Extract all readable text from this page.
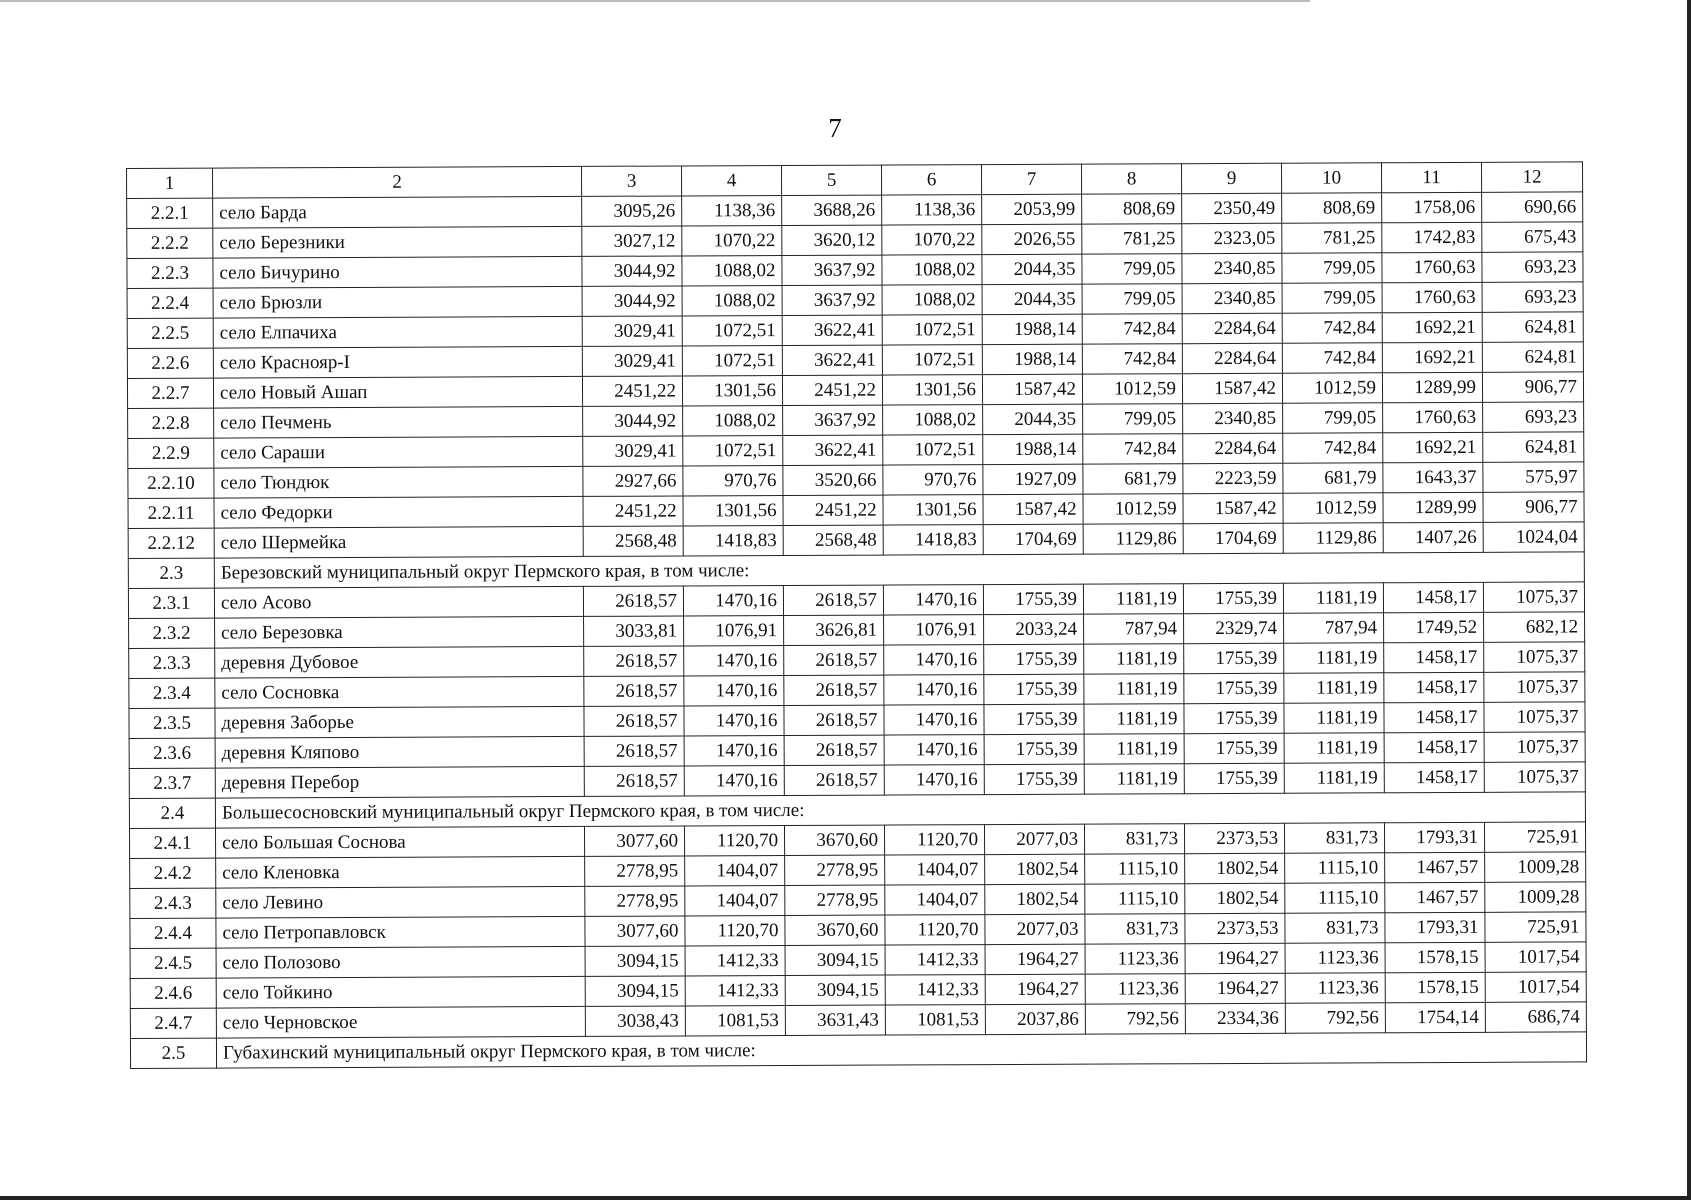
7
1	2	3	4	5	6	7	8	9	10	11	12
2.2.1	село Барда	3095,26	1138,36	3688,26	1138,36	2053,99	808,69	2350,49	808,69	1758,06	690,66
2.2.2	село Березники	3027,12	1070,22	3620,12	1070,22	2026,55	781,25	2323,05	781,25	1742,83	675,43
2.2.3	село Бичурино	3044,92	1088,02	3637,92	1088,02	2044,35	799,05	2340,85	799,05	1760,63	693,23
2.2.4	село Брюзли	3044,92	1088,02	3637,92	1088,02	2044,35	799,05	2340,85	799,05	1760,63	693,23
2.2.5	село Елпачиха	3029,41	1072,51	3622,41	1072,51	1988,14	742,84	2284,64	742,84	1692,21	624,81
2.2.6	село Краснояр-I	3029,41	1072,51	3622,41	1072,51	1988,14	742,84	2284,64	742,84	1692,21	624,81
2.2.7	село Новый Ашап	2451,22	1301,56	2451,22	1301,56	1587,42	1012,59	1587,42	1012,59	1289,99	906,77
2.2.8	село Печмень	3044,92	1088,02	3637,92	1088,02	2044,35	799,05	2340,85	799,05	1760,63	693,23
2.2.9	село Сараши	3029,41	1072,51	3622,41	1072,51	1988,14	742,84	2284,64	742,84	1692,21	624,81
2.2.10	село Тюндюк	2927,66	970,76	3520,66	970,76	1927,09	681,79	2223,59	681,79	1643,37	575,97
2.2.11	село Федорки	2451,22	1301,56	2451,22	1301,56	1587,42	1012,59	1587,42	1012,59	1289,99	906,77
2.2.12	село Шермейка	2568,48	1418,83	2568,48	1418,83	1704,69	1129,86	1704,69	1129,86	1407,26	1024,04
2.3	Березовский муниципальный округ Пермского края, в том числе:										
2.3.1	село Асово	2618,57	1470,16	2618,57	1470,16	1755,39	1181,19	1755,39	1181,19	1458,17	1075,37
2.3.2	село Березовка	3033,81	1076,91	3626,81	1076,91	2033,24	787,94	2329,74	787,94	1749,52	682,12
2.3.3	деревня Дубовое	2618,57	1470,16	2618,57	1470,16	1755,39	1181,19	1755,39	1181,19	1458,17	1075,37
2.3.4	село Сосновка	2618,57	1470,16	2618,57	1470,16	1755,39	1181,19	1755,39	1181,19	1458,17	1075,37
2.3.5	деревня Заборье	2618,57	1470,16	2618,57	1470,16	1755,39	1181,19	1755,39	1181,19	1458,17	1075,37
2.3.6	деревня Кляпово	2618,57	1470,16	2618,57	1470,16	1755,39	1181,19	1755,39	1181,19	1458,17	1075,37
2.3.7	деревня Перебор	2618,57	1470,16	2618,57	1470,16	1755,39	1181,19	1755,39	1181,19	1458,17	1075,37
2.4	Большесосновский муниципальный округ Пермского края, в том числе:										
2.4.1	село Большая Соснова	3077,60	1120,70	3670,60	1120,70	2077,03	831,73	2373,53	831,73	1793,31	725,91
2.4.2	село Кленовка	2778,95	1404,07	2778,95	1404,07	1802,54	1115,10	1802,54	1115,10	1467,57	1009,28
2.4.3	село Левино	2778,95	1404,07	2778,95	1404,07	1802,54	1115,10	1802,54	1115,10	1467,57	1009,28
2.4.4	село Петропавловск	3077,60	1120,70	3670,60	1120,70	2077,03	831,73	2373,53	831,73	1793,31	725,91
2.4.5	село Полозово	3094,15	1412,33	3094,15	1412,33	1964,27	1123,36	1964,27	1123,36	1578,15	1017,54
2.4.6	село Тойкино	3094,15	1412,33	3094,15	1412,33	1964,27	1123,36	1964,27	1123,36	1578,15	1017,54
2.4.7	село Черновское	3038,43	1081,53	3631,43	1081,53	2037,86	792,56	2334,36	792,56	1754,14	686,74
2.5	Губахинский муниципальный округ Пермского края, в том числе:										
